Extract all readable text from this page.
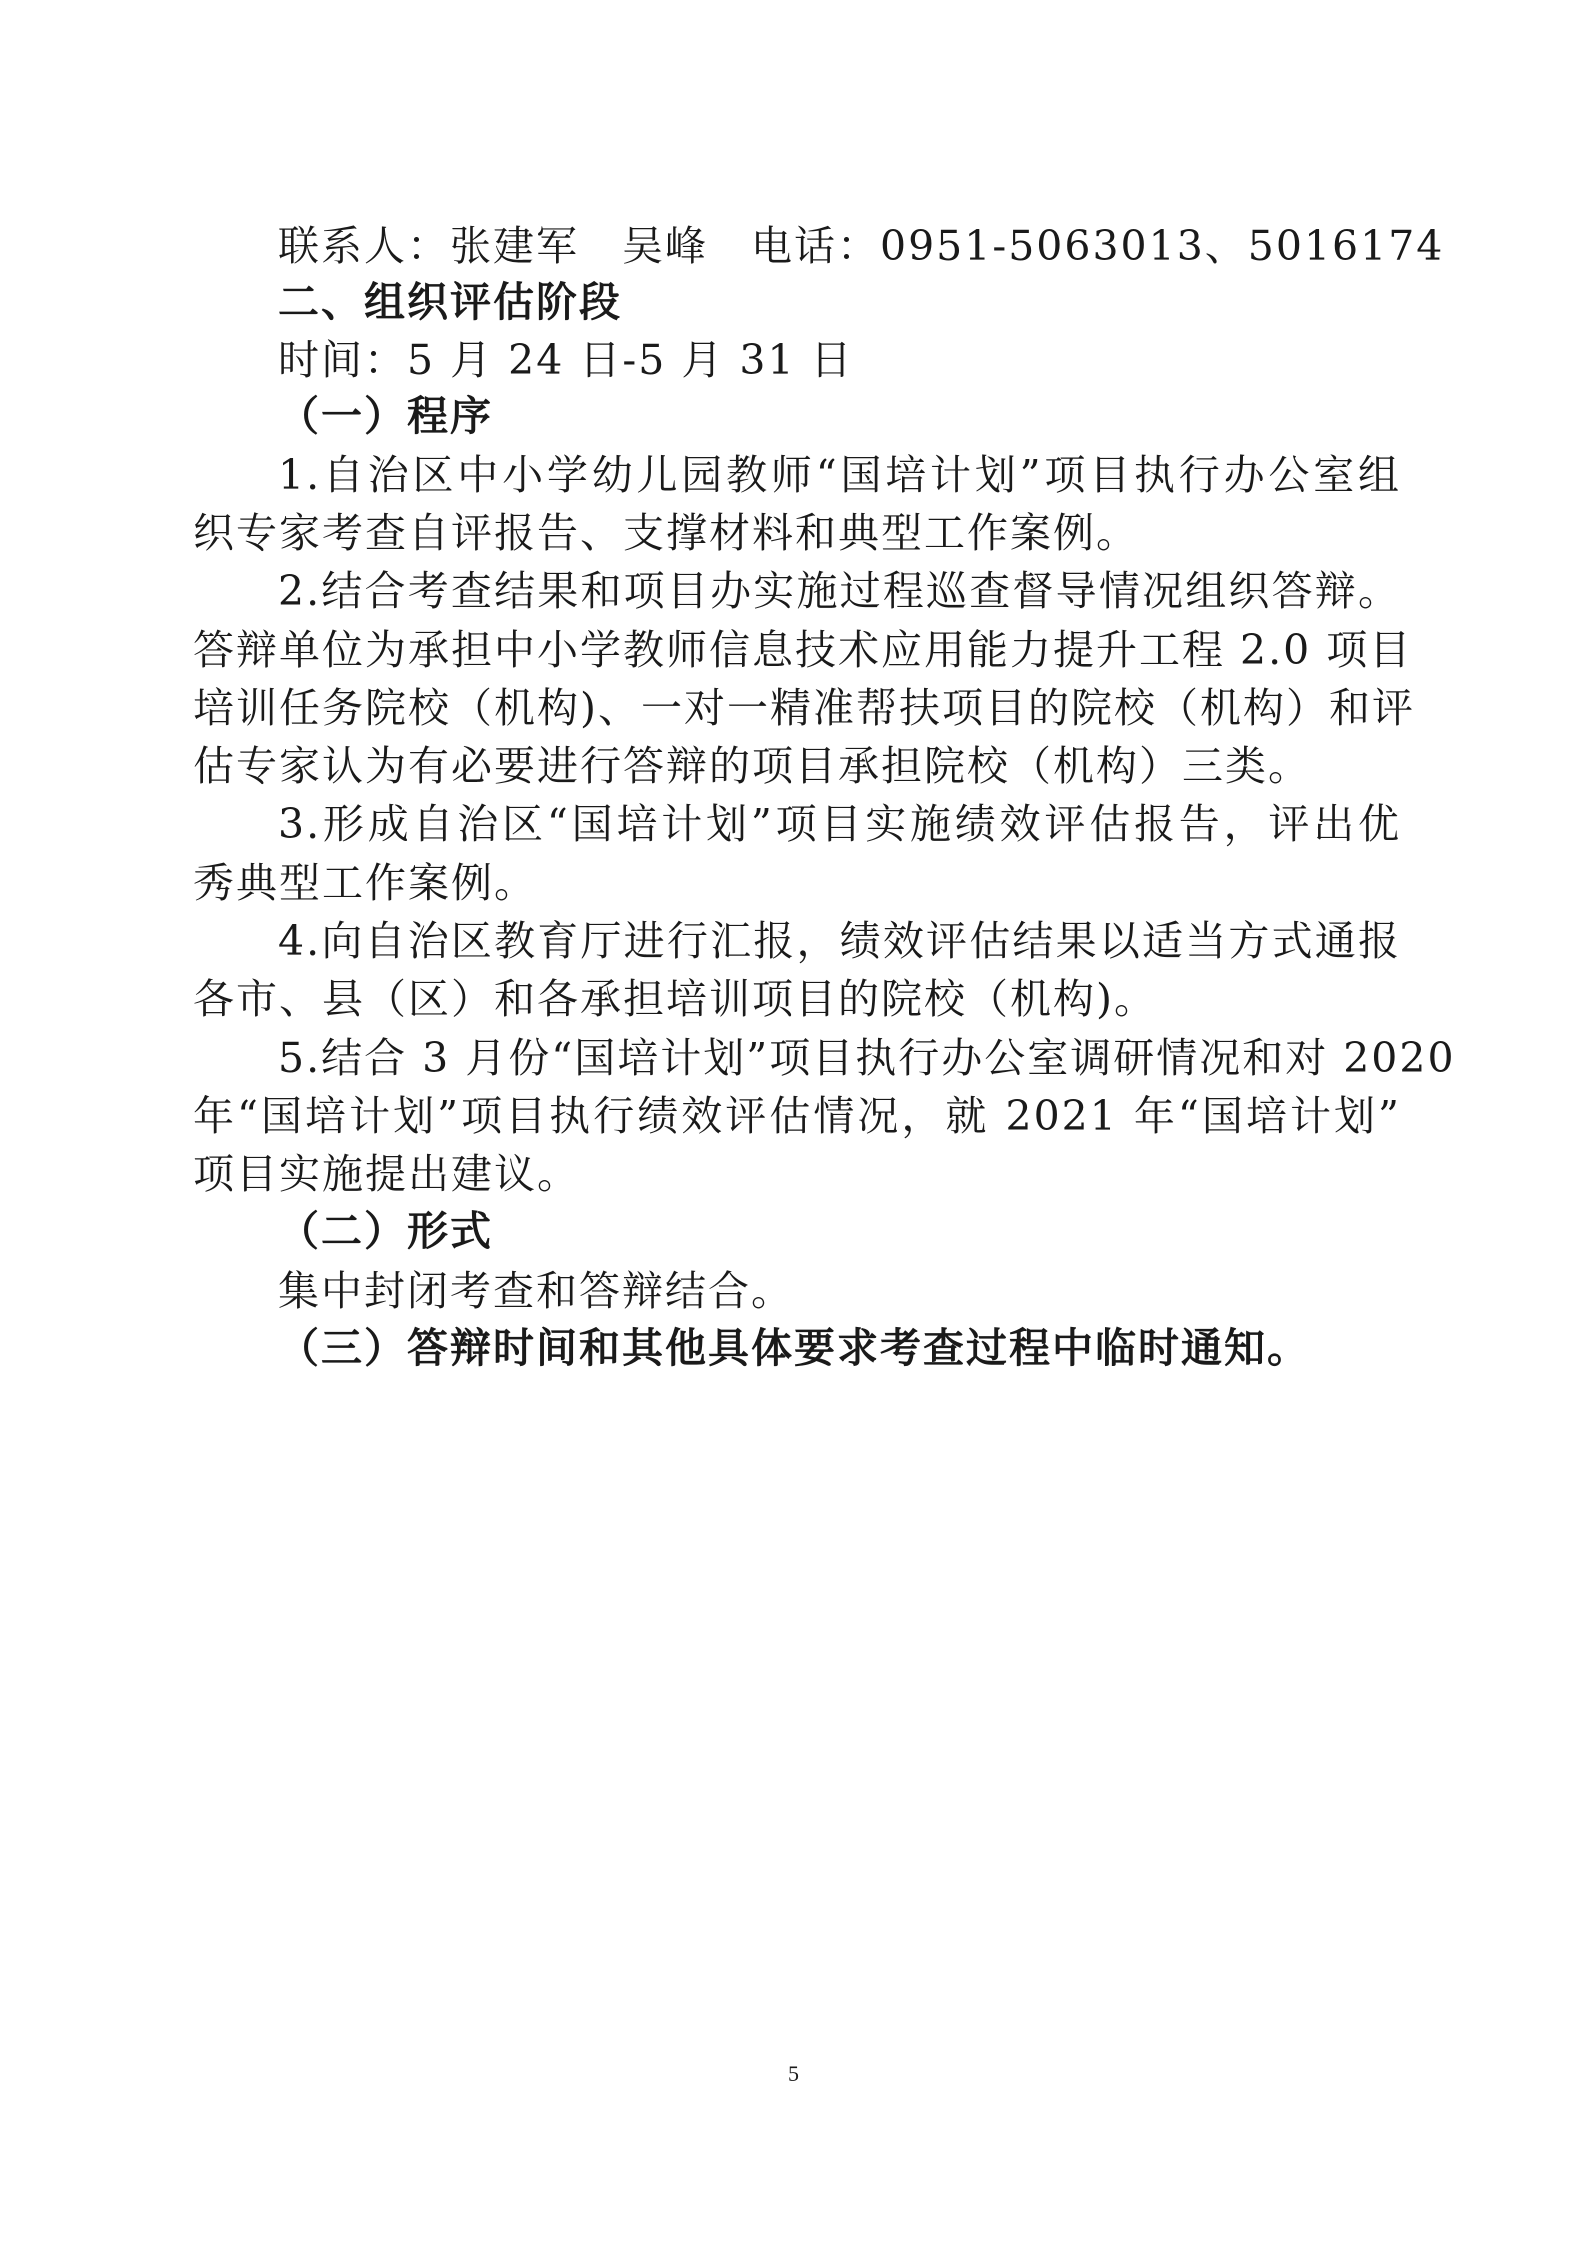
联系人：张建军　吴峰　电话：0951-5063013、5016174
二、组织评估阶段
时间：5 月 24 日-5 月 31 日
（一）程序
1.自治区中小学幼儿园教师“国培计划”项目执行办公室组
织专家考查自评报告、支撑材料和典型工作案例。
2.结合考查结果和项目办实施过程巡查督导情况组织答辩。
答辩单位为承担中小学教师信息技术应用能力提升工程 2.0 项目
培训任务院校（机构)、一对一精准帮扶项目的院校（机构）和评
估专家认为有必要进行答辩的项目承担院校（机构）三类。
3.形成自治区“国培计划”项目实施绩效评估报告，评出优
秀典型工作案例。
4.向自治区教育厅进行汇报，绩效评估结果以适当方式通报
各市、县（区）和各承担培训项目的院校（机构)。
5.结合 3 月份“国培计划”项目执行办公室调研情况和对 2020
年“国培计划”项目执行绩效评估情况，就 2021 年“国培计划”
项目实施提出建议。
（二）形式
集中封闭考查和答辩结合。
（三）答辩时间和其他具体要求考查过程中临时通知。
5
